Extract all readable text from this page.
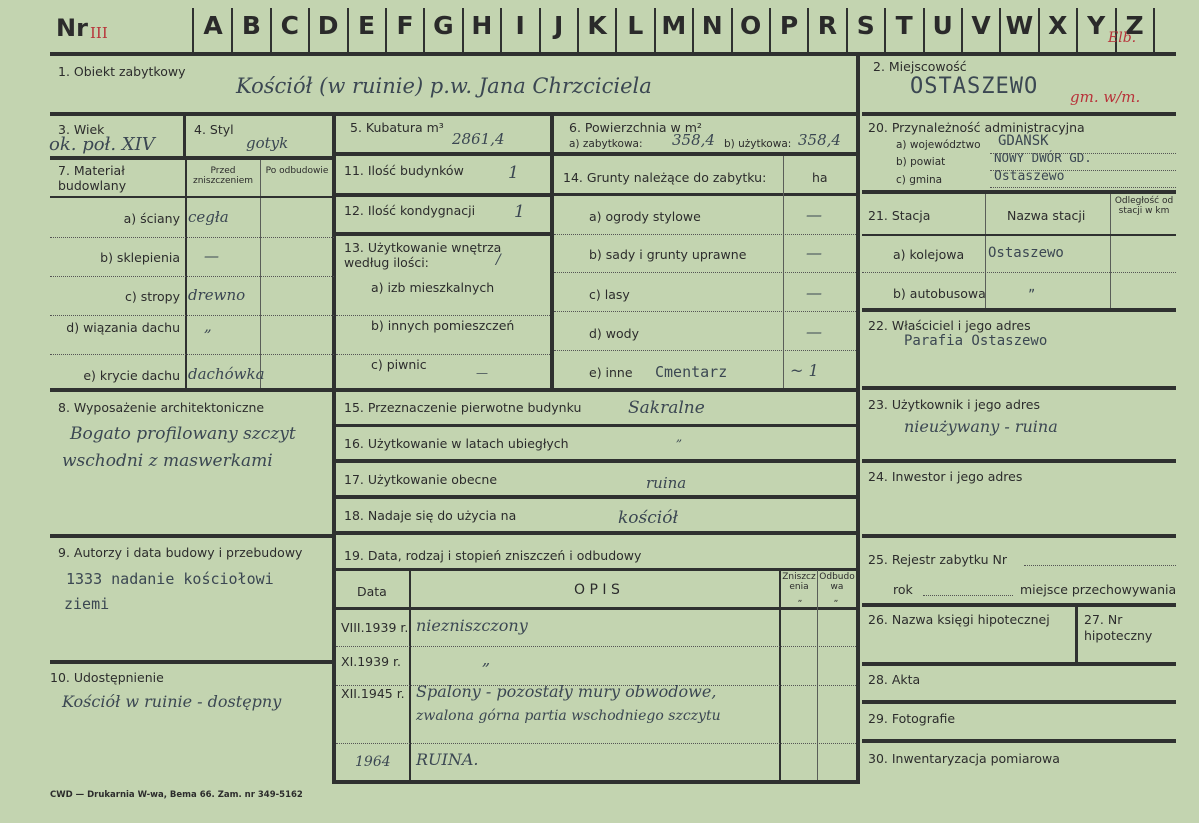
Nr III	A B C D E F G H I	J K L M N O P R S T U V W X Y Z
Elb.
1. Obiekt zabytkowy
Kościół (w ruinie) p.w. Jana Chrzciciela
2. Miejscowość
OSTASZEWO gm. w/m.
3. Wiek
ok. poł. XIV
4. Styl
gotyk
5. Kubatura m³
2861,4
6. Powierzchnia w m²
a) zabytkowa: 358,4 b) użytkowa: 358,4
7. Materiał budowlany
Przed zniszczeniem
Po odbudowie
a) ściany cegła
b) sklepienia —
c) stropy drewno
d) wiązania dachu „
e) krycie dachu dachówka
11. Ilość budynków	1
12. Ilość kondygnacji 1
13. Użytkowanie wnętrza według ilości:	/
a) izb mieszkalnych
b) innych pomieszczeń
c) piwnic
—
14. Grunty należące do zabytku:	ha
a) ogrody stylowe	—
b) sady i grunty uprawne	—
c) lasy	—
d) wody	—
e) inne Cmentarz	~ 1
8. Wyposażenie architektoniczne
Bogato profilowany szczyt
wschodni z maswerkami
9. Autorzy i data budowy i przebudowy
1333 nadanie kościołowi
ziemi
10. Udostępnienie
Kościół w ruinie - dostępny
15. Przeznaczenie pierwotne budynku	Sakralne
16. Użytkowanie w latach ubiegłych	„
17. Użytkowanie obecne	ruina
18. Nadaje się do użycia na	kościół
19. Data, rodzaj i stopień zniszczeń i odbudowy
Data	O P I S
Zniszczenia
Odbudowa
„	„
VIII.1939 r. niezniszczony
XI.1939 r.	„
XII.1945 r. Spalony - pozostały mury obwodowe,
zwalona górna partia wschodniego szczytu
1964 RUINA.
20. Przynależność administracyjna
a) województwo GDAŃSK
b) powiat	NOWY DWÓR GD.
c) gmina	Ostaszewo
21. Stacja	Nazwa stacji
Odległość od stacji w km
a) kolejowa Ostaszewo
b) autobusowa	„
22. Właściciel i jego adres
Parafia Ostaszewo
23. Użytkownik i jego adres
nieużywany - ruina
24. Inwestor i jego adres
25. Rejestr zabytku Nr
rok	miejsce przechowywania
26. Nazwa księgi hipotecznej	27. Nr hipoteczny
28. Akta
29. Fotografie
30. Inwentaryzacja pomiarowa
CWD — Drukarnia W-wa, Bema 66. Zam. nr 349-5162
